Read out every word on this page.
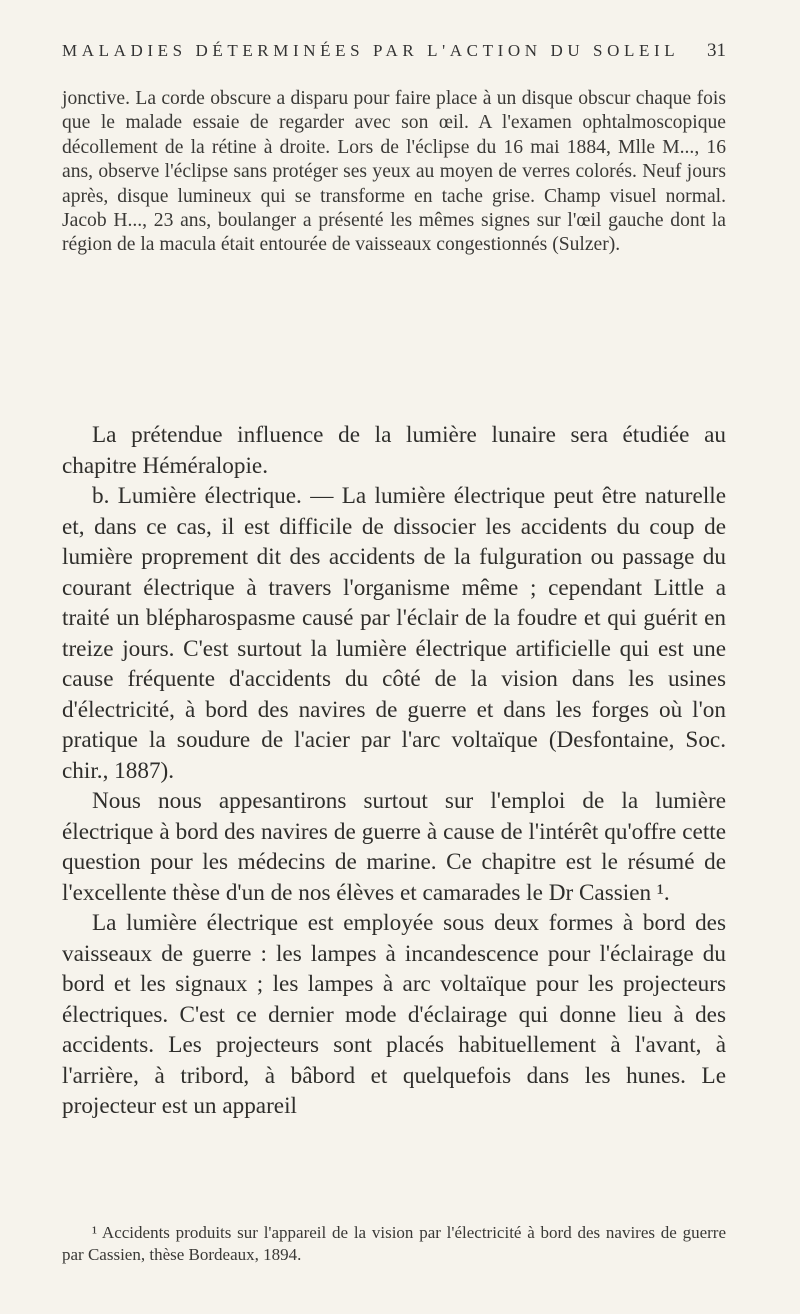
MALADIES DÉTERMINÉES PAR L'ACTION DU SOLEIL 31

jonctive. La corde obscure a disparu pour faire place à un disque obscur chaque fois que le malade essaie de regarder avec son œil. A l'examen ophtalmoscopique décollement de la rétine à droite. Lors de l'éclipse du 16 mai 1884, Mlle M..., 16 ans, observe l'éclipse sans protéger ses yeux au moyen de verres colorés. Neuf jours après, disque lumineux qui se transforme en tache grise. Champ visuel normal. Jacob H..., 23 ans, boulanger a présenté les mêmes signes sur l'œil gauche dont la région de la macula était entourée de vaisseaux congestionnés (Sulzer).

La prétendue influence de la lumière lunaire sera étudiée au chapitre Héméralopie.

b. Lumière électrique. — La lumière électrique peut être naturelle et, dans ce cas, il est difficile de dissocier les accidents du coup de lumière proprement dit des accidents de la fulguration ou passage du courant électrique à travers l'organisme même ; cependant Little a traité un blépharospasme causé par l'éclair de la foudre et qui guérit en treize jours. C'est surtout la lumière électrique artificielle qui est une cause fréquente d'accidents du côté de la vision dans les usines d'électricité, à bord des navires de guerre et dans les forges où l'on pratique la soudure de l'acier par l'arc voltaïque (Desfontaine, Soc. chir., 1887).

Nous nous appesantirons surtout sur l'emploi de la lumière électrique à bord des navires de guerre à cause de l'intérêt qu'offre cette question pour les médecins de marine. Ce chapitre est le résumé de l'excellente thèse d'un de nos élèves et camarades le Dr Cassien ¹.

La lumière électrique est employée sous deux formes à bord des vaisseaux de guerre : les lampes à incandescence pour l'éclairage du bord et les signaux ; les lampes à arc voltaïque pour les projecteurs électriques. C'est ce dernier mode d'éclairage qui donne lieu à des accidents. Les projecteurs sont placés habituellement à l'avant, à l'arrière, à tribord, à bâbord et quelquefois dans les hunes. Le projecteur est un appareil

¹ Accidents produits sur l'appareil de la vision par l'électricité à bord des navires de guerre par Cassien, thèse Bordeaux, 1894.
